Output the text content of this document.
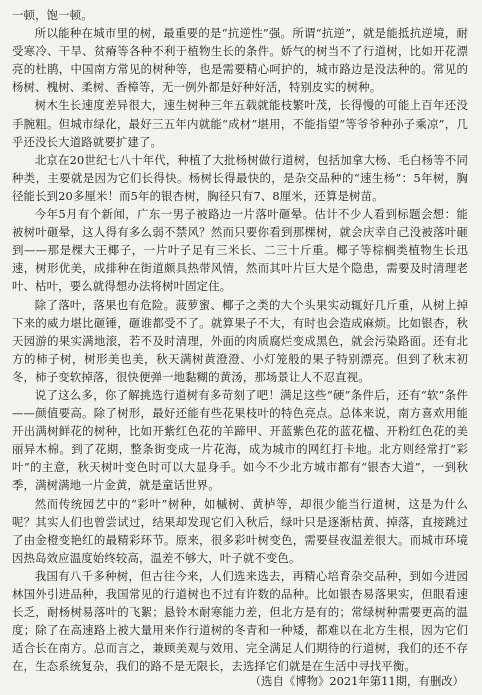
一顿，饱一顿。

所以能种在城市里的树，最重要的是“抗逆性”强。所谓“抗逆”，就是能抵抗逆境，耐受寒冷、干旱、贫瘠等各种不利于植物生长的条件。娇气的树当不了行道树，比如开花漂亮的杜鹃，中国南方常见的树种等，也是需要精心呵护的，城市路边是没法种的。常见的杨树、槐树、柔树、香樟等，无一例外都是好种好活，特别皮实的树种。

树木生长速度差异很大，速生树种三年五载就能枝繁叶茂，长得慢的可能上百年还没手腕粗。但城市绿化，最好三五年内就能“成材”堪用，不能指望“等爷爷种孙子乘凉”，几乎还没长大道路就要扩建了。

北京在20世纪七八十年代，种植了大批杨树做行道树，包括加拿大杨、毛白杨等不同种类，主要就是因为它们长得快。杨树长得最快的，是杂交品种的“速生杨”：5年树，胸径能长到20多厘米！而5年的银杏树，胸径只有7、8厘米，还算是树苗。

今年5月有个新闻，广东一男子被路边一片落叶砸晕。估计不少人看到标题会想：能被树叶砸晕，这人得有多么弱不禁风？然而只要你看到那棵树，就会庆幸自己没被落叶砸到——那是棵大王椰子，一片叶子足有三米长、二三十斤重。椰子等棕榈类植物生长迅速，树形优美，成排种在街道颇具热带风情，然而其叶片巨大是个隐患，需要及时清理老叶、枯叶，要么就得想办法将树叶固定住。

除了落叶，落果也有危险。菠萝蜜、椰子之类的大个头果实动辄好几斤重，从树上掉下来的威力堪比砸锤，砸谁都受不了。就算果子不大，有时也会造成麻烦。比如银杏，秋天园游的果实满地滚，若不及时清理，外面的肉质腐烂变成黑色，就会污染路面。还有北方的柿子树，树形美也美，秋天满树黄澄澄、小灯笼般的果子特别漂亮。但到了秋末初冬，柿子变软掉落，很快便弹一地黏糊的黄汤，那场景让人不忍直视。

说了这么多，你了解挑选行道树有多苛刻了吧！满足这些“硬”条件后，还有“软”条件——颜值要高。除了树形，最好还能有些花果枝叶的特色亮点。总体来说，南方喜欢用能开出满树鲜花的树种，比如开紫红色花的羊蹄甲、开蓝紫色花的蓝花楹、开粉红色花的美丽异木棉。到了花期，整条街变成一片花海，成为城市的网红打卡地。北方则经常打“彩叶”的主意，秋天树叶变色时可以大显身手。如今不少北方城市都有“银杏大道”，一到秋季，满树满地一片金黄，就是童话世界。

然而传统园艺中的“彩叶”树种，如槭树、黄栌等，却很少能当行道树，这是为什么呢？其实人们也曾尝试过，结果却发现它们入秋后，绿叶只是逐渐枯黄、掉落，直接跳过了由金橙变艳红的最精彩环节。原来，很多彩叶树变色，需要昼夜温差很大。而城市环境因热岛效应温度始终较高，温差不够大，叶子就不变色。

我国有八千多种树，但古往今来，人们选来选去，再精心培育杂交品种，到如今进园林国外引进品种，我国常见的行道树也不过有许数的品种。比如银杏易落果实，但眼看速长乏，耐杨树易落叶的飞絮；悬铃木耐寒能力差，但北方是有的；常绿树种需要更高的温度；除了在高速路上被大量用来作行道树的冬青和一种矮，都难以在北方生根，因为它们适合长在南方。总而言之，兼顾美观与效用、完全满足人们期待的行道树，我们的还不存在，生态系统复杂，我们的路不是无限长，去选择它们就是在生活中寻找平衡。

（选自《博物》2021年第11期，有删改）
